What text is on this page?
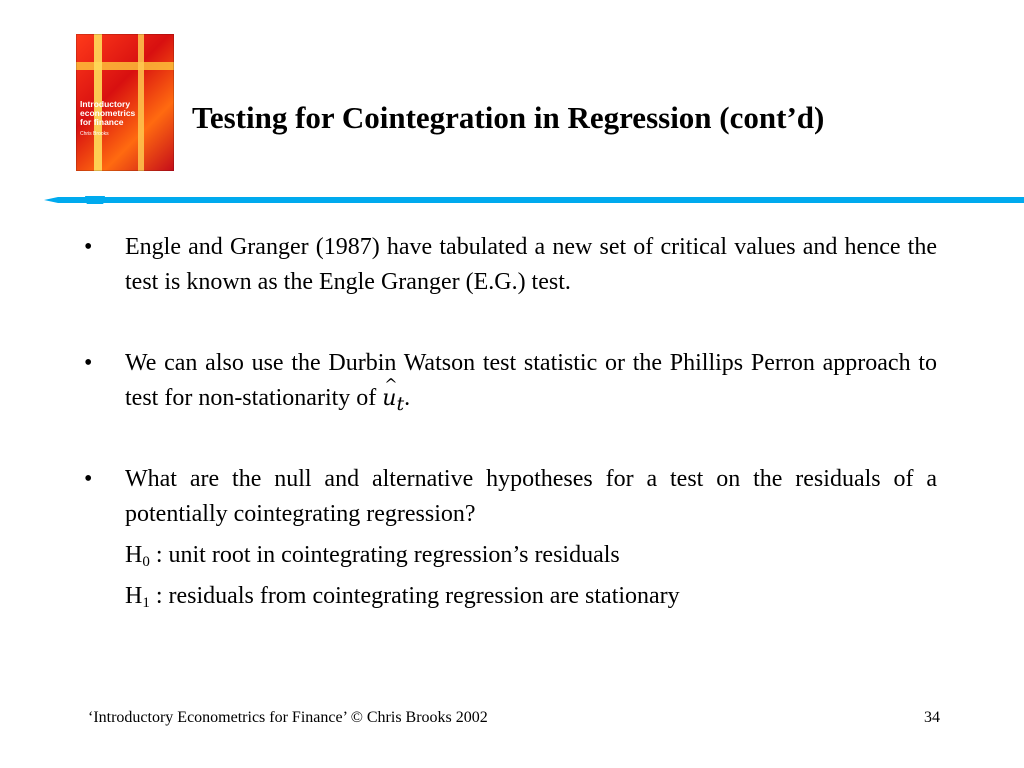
Introductory
econometrics
for finance
Chris Brooks	Testing for Cointegration in Regression (cont’d)
• Engle and Granger (1987) have tabulated a new set of critical values and hence the test is known as the Engle Granger (E.G.) test.
• We can also use the Durbin Watson test statistic or the Phillips Perron approach to test for non-stationarity of^ $u_t$.
• What are the null and alternative hypotheses for a test on the residuals of a potentially cointegrating regression?
$H_0$ : unit root in cointegrating regression’s residuals
$H_1$ : residuals from cointegrating regression are stationary
‘Introductory Econometrics for Finance’ © Chris Brooks 2002	34
